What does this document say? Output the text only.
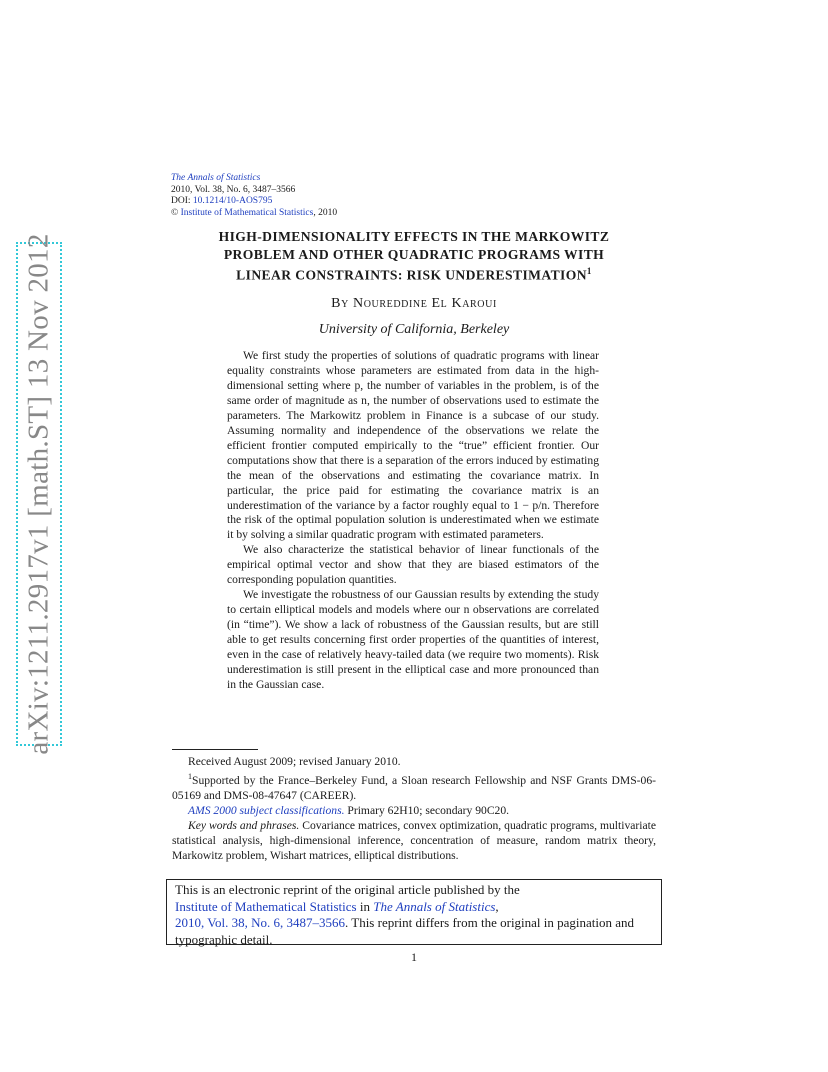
arXiv:1211.2917v1 [math.ST] 13 Nov 2012
The Annals of Statistics
2010, Vol. 38, No. 6, 3487–3566
DOI: 10.1214/10-AOS795
© Institute of Mathematical Statistics, 2010
HIGH-DIMENSIONALITY EFFECTS IN THE MARKOWITZ
PROBLEM AND OTHER QUADRATIC PROGRAMS WITH
LINEAR CONSTRAINTS: RISK UNDERESTIMATION$^1$
By Noureddine El Karoui
University of California, Berkeley

We first study the properties of solutions of quadratic programs with linear equality constraints whose parameters are estimated from data in the high-dimensional setting where p, the number of variables in the problem, is of the same order of magnitude as n, the number of observations used to estimate the parameters. The Markowitz problem in Finance is a subcase of our study. Assuming normality and independence of the observations we relate the efficient frontier computed empirically to the “true” efficient frontier. Our computations show that there is a separation of the errors induced by estimating the mean of the observations and estimating the covariance matrix. In particular, the price paid for estimating the covariance matrix is an underestimation of the variance by a factor roughly equal to 1 − p/n. Therefore the risk of the optimal population solution is underestimated when we estimate it by solving a similar quadratic program with estimated parameters.

We also characterize the statistical behavior of linear functionals of the empirical optimal vector and show that they are biased estimators of the corresponding population quantities.

We investigate the robustness of our Gaussian results by extending the study to certain elliptical models and models where our n observations are correlated (in “time”). We show a lack of robustness of the Gaussian results, but are still able to get results concerning first order properties of the quantities of interest, even in the case of relatively heavy-tailed data (we require two moments). Risk underestimation is still present in the elliptical case and more pronounced than in the Gaussian case.

Received August 2009; revised January 2010.

$^1$Supported by the France–Berkeley Fund, a Sloan research Fellowship and NSF Grants DMS-06-05169 and DMS-08-47647 (CAREER).

AMS 2000 subject classifications. Primary 62H10; secondary 90C20.

Key words and phrases. Covariance matrices, convex optimization, quadratic programs, multivariate statistical analysis, high-dimensional inference, concentration of measure, random matrix theory, Markowitz problem, Wishart matrices, elliptical distributions.

This is an electronic reprint of the original article published by the
Institute of Mathematical Statistics in The Annals of Statistics,
2010, Vol. 38, No. 6, 3487–3566. This reprint differs from the original in pagination and typographic detail.
1
